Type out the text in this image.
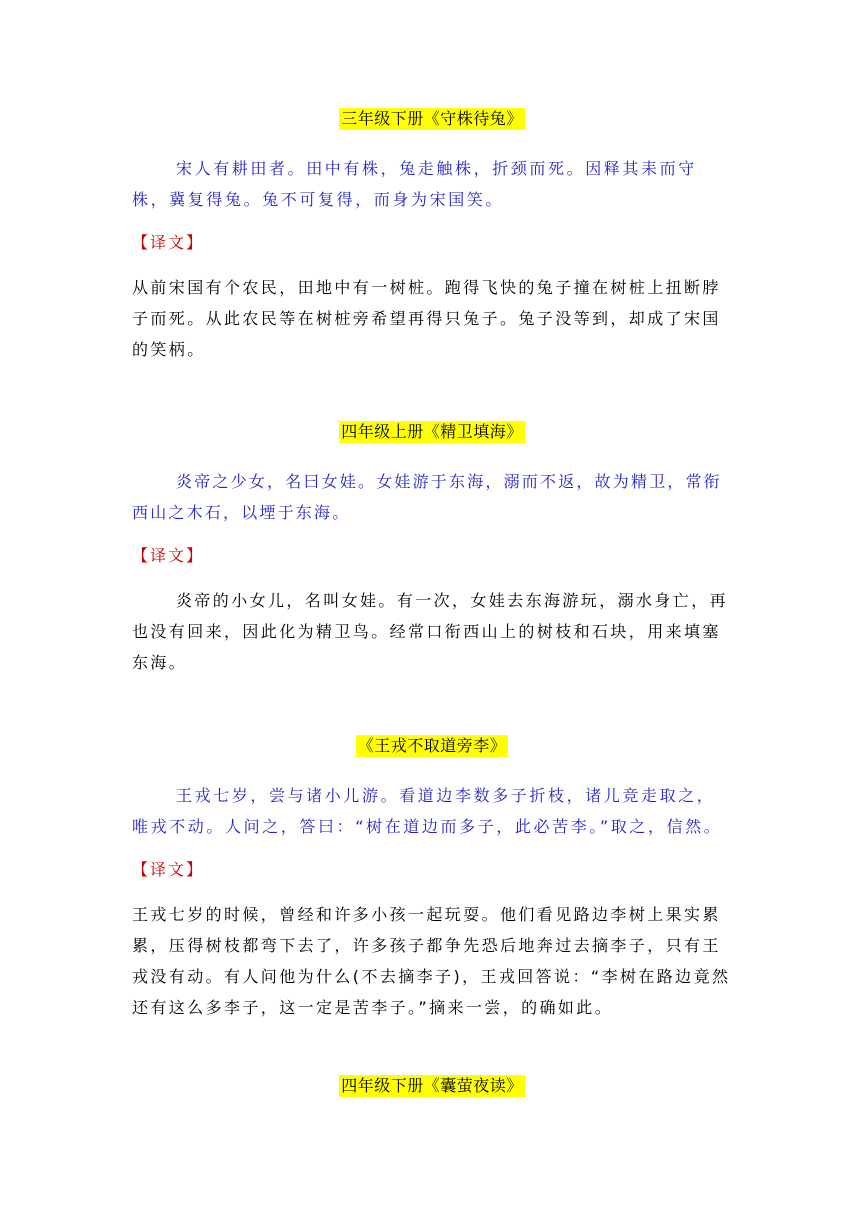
三年级下册《守株待兔》

宋人有耕田者。田中有株，兔走触株，折颈而死。因释其耒而守株，冀复得兔。兔不可复得，而身为宋国笑。

【译文】

从前宋国有个农民，田地中有一树桩。跑得飞快的兔子撞在树桩上扭断脖子而死。从此农民等在树桩旁希望再得只兔子。兔子没等到，却成了宋国的笑柄。

四年级上册《精卫填海》

炎帝之少女，名曰女娃。女娃游于东海，溺而不返，故为精卫，常衔西山之木石，以堙于东海。

【译文】

炎帝的小女儿，名叫女娃。有一次，女娃去东海游玩，溺水身亡，再也没有回来，因此化为精卫鸟。经常口衔西山上的树枝和石块，用来填塞东海。

《王戎不取道旁李》

王戎七岁，尝与诸小儿游。看道边李数多子折枝，诸儿竞走取之，唯戎不动。人问之，答曰：“树在道边而多子，此必苦李。”取之，信然。

【译文】

王戎七岁的时候，曾经和许多小孩一起玩耍。他们看见路边李树上果实累累，压得树枝都弯下去了，许多孩子都争先恐后地奔过去摘李子，只有王戎没有动。有人问他为什么(不去摘李子)，王戎回答说：“李树在路边竟然还有这么多李子，这一定是苦李子。”摘来一尝，的确如此。

四年级下册《囊萤夜读》
